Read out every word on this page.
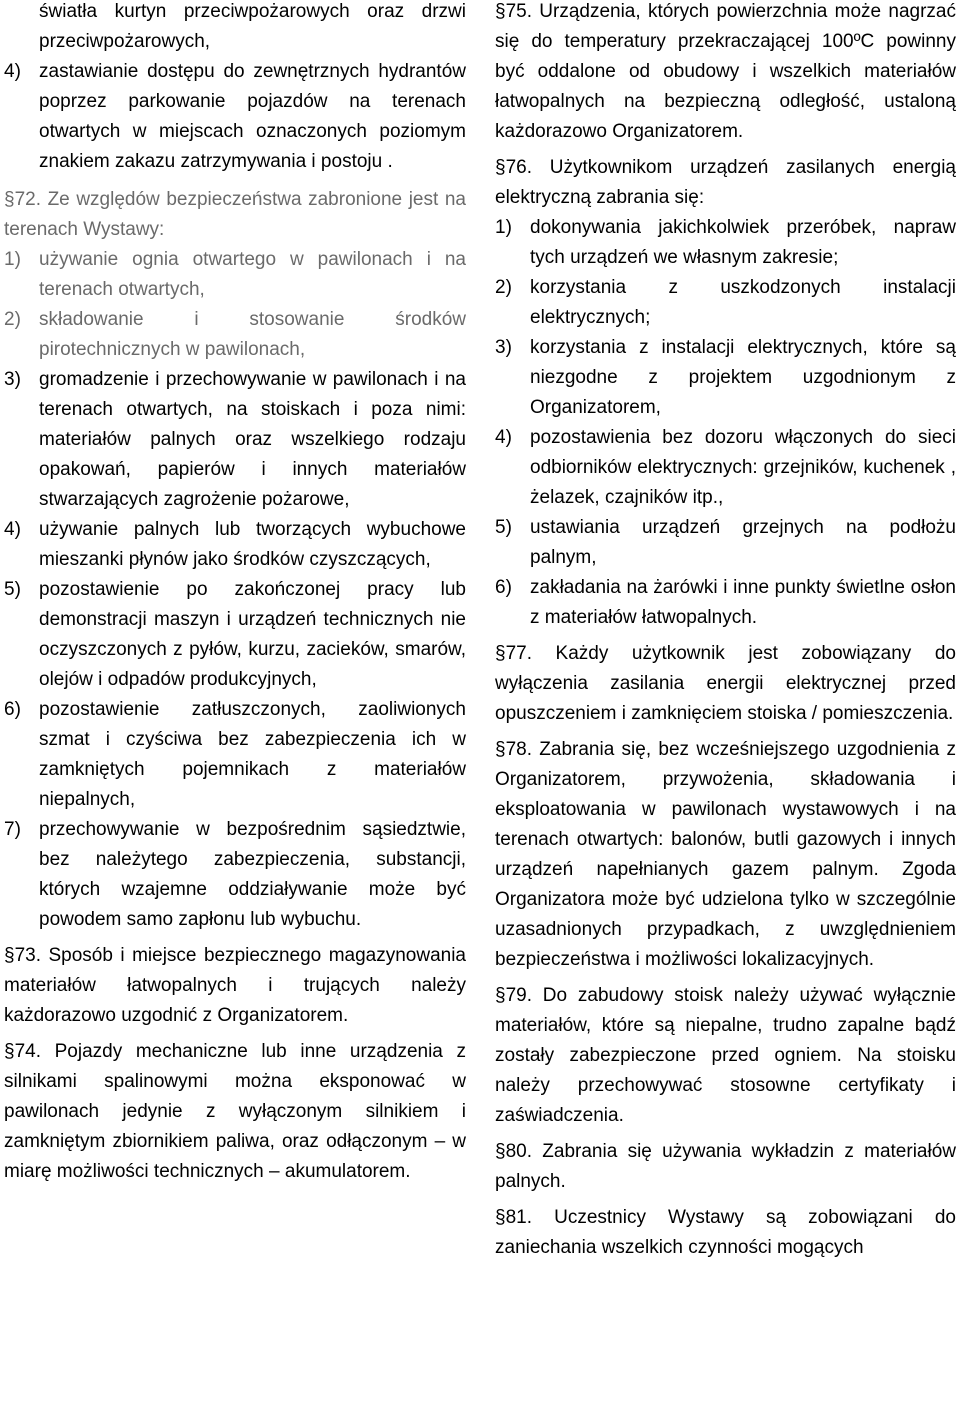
światła kurtyn przeciwpożarowych oraz drzwi przeciwpożarowych,
4) zastawianie dostępu do zewnętrznych hydrantów poprzez parkowanie pojazdów na terenach otwartych w miejscach oznaczonych poziomym znakiem zakazu zatrzymywania i postoju .

§72. Ze względów bezpieczeństwa zabronione jest na terenach Wystawy:

1) używanie ognia otwartego w pawilonach i na terenach otwartych,
2) składowanie i stosowanie środków pirotechnicznych w pawilonach,
3) gromadzenie i przechowywanie w pawilonach i na terenach otwartych, na stoiskach i poza nimi: materiałów palnych oraz wszelkiego rodzaju opakowań, papierów i innych materiałów stwarzających zagrożenie pożarowe,
4) używanie palnych lub tworzących wybuchowe mieszanki płynów jako środków czyszczących,
5) pozostawienie po zakończonej pracy lub demonstracji maszyn i urządzeń technicznych nie oczyszczonych z pyłów, kurzu, zacieków, smarów, olejów i odpadów produkcyjnych,
6) pozostawienie zatłuszczonych, zaoliwionych szmat i czyściwa bez zabezpieczenia ich w zamkniętych pojemnikach z materiałów niepalnych,
7) przechowywanie w bezpośrednim sąsiedztwie, bez należytego zabezpieczenia, substancji, których wzajemne oddziaływanie może być powodem samo zapłonu lub wybuchu.

§73. Sposób i miejsce bezpiecznego magazynowania materiałów łatwopalnych i trujących należy każdorazowo uzgodnić z Organizatorem.

§74. Pojazdy mechaniczne lub inne urządzenia z silnikami spalinowymi można eksponować w pawilonach jedynie z wyłączonym silnikiem i zamkniętym zbiornikiem paliwa, oraz odłączonym – w miarę możliwości technicznych – akumulatorem.

§75. Urządzenia, których powierzchnia może nagrzać się do temperatury przekraczającej 100ºC powinny być oddalone od obudowy i wszelkich materiałów łatwopalnych na bezpieczną odległość, ustaloną każdorazowo Organizatorem.

§76. Użytkownikom urządzeń zasilanych energią elektryczną zabrania się:

1) dokonywania jakichkolwiek przeróbek, napraw tych urządzeń we własnym zakresie;
2) korzystania z uszkodzonych instalacji elektrycznych;
3) korzystania z instalacji elektrycznych, które są niezgodne z projektem uzgodnionym z Organizatorem,
4) pozostawienia bez dozoru włączonych do sieci odbiorników elektrycznych: grzejników, kuchenek , żelazek, czajników itp.,
5) ustawiania urządzeń grzejnych na podłożu palnym,
6) zakładania na żarówki i inne punkty świetlne osłon z materiałów łatwopalnych.

§77. Każdy użytkownik jest zobowiązany do wyłączenia zasilania energii elektrycznej przed opuszczeniem i zamknięciem stoiska / pomieszczenia.

§78. Zabrania się, bez wcześniejszego uzgodnienia z Organizatorem, przywożenia, składowania i eksploatowania w pawilonach wystawowych i na terenach otwartych: balonów, butli gazowych i innych urządzeń napełnianych gazem palnym. Zgoda Organizatora może być udzielona tylko w szczególnie uzasadnionych przypadkach, z uwzględnieniem bezpieczeństwa i możliwości lokalizacyjnych.

§79. Do zabudowy stoisk należy używać wyłącznie materiałów, które są niepalne, trudno zapalne bądź zostały zabezpieczone przed ogniem. Na stoisku należy przechowywać stosowne certyfikaty i zaświadczenia.

§80. Zabrania się używania wykładzin z materiałów palnych.

§81. Uczestnicy Wystawy są zobowiązani do zaniechania wszelkich czynności mogących
